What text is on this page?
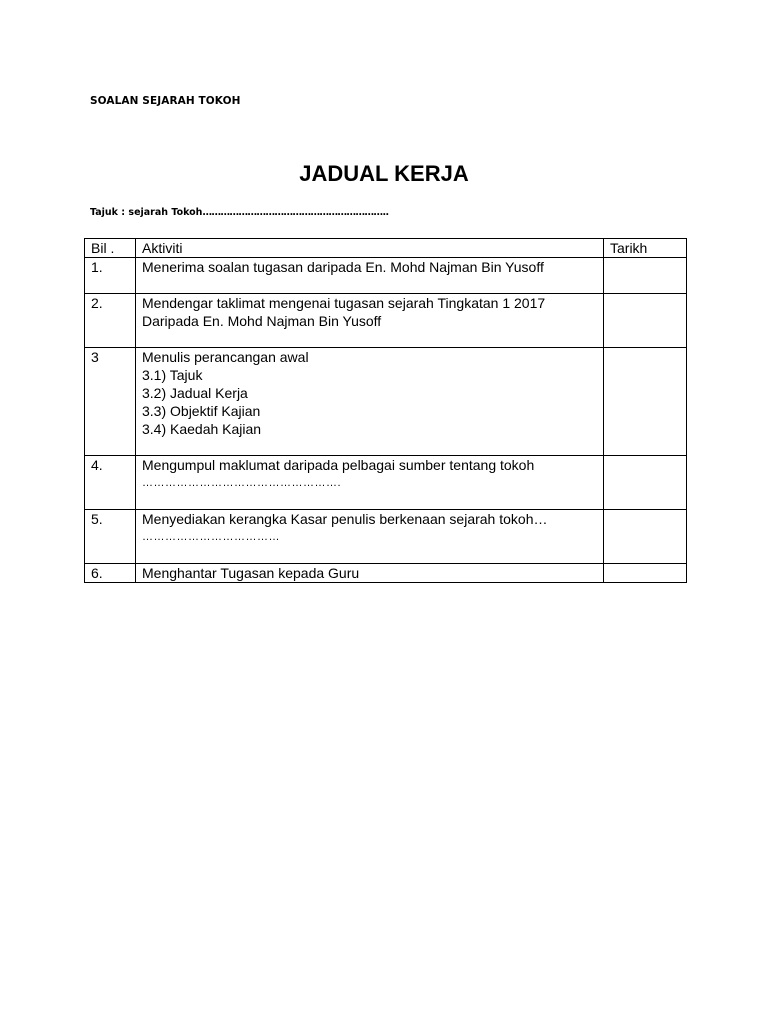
SOALAN SEJARAH TOKOH
JADUAL KERJA
Tajuk : sejarah Tokoh……………………………………………………..
Bil .	Aktiviti	Tarikh
1.	Menerima soalan tugasan daripada En. Mohd Najman Bin Yusoff	

2.	Mendengar taklimat mengenai tugasan sejarah Tingkatan 1 2017
Daripada En. Mohd Najman Bin Yusoff	

3	Menulis perancangan awal
3.1) Tajuk
3.2) Jadual Kerja
3.3) Objektif Kajian
3.4) Kaedah Kajian	

4.	Mengumpul maklumat daripada pelbagai sumber tentang tokoh
…………………………………………….	

5.	Menyediakan kerangka Kasar penulis berkenaan sejarah tokoh…
………………………………	

6.	Menghantar Tugasan kepada Guru	
